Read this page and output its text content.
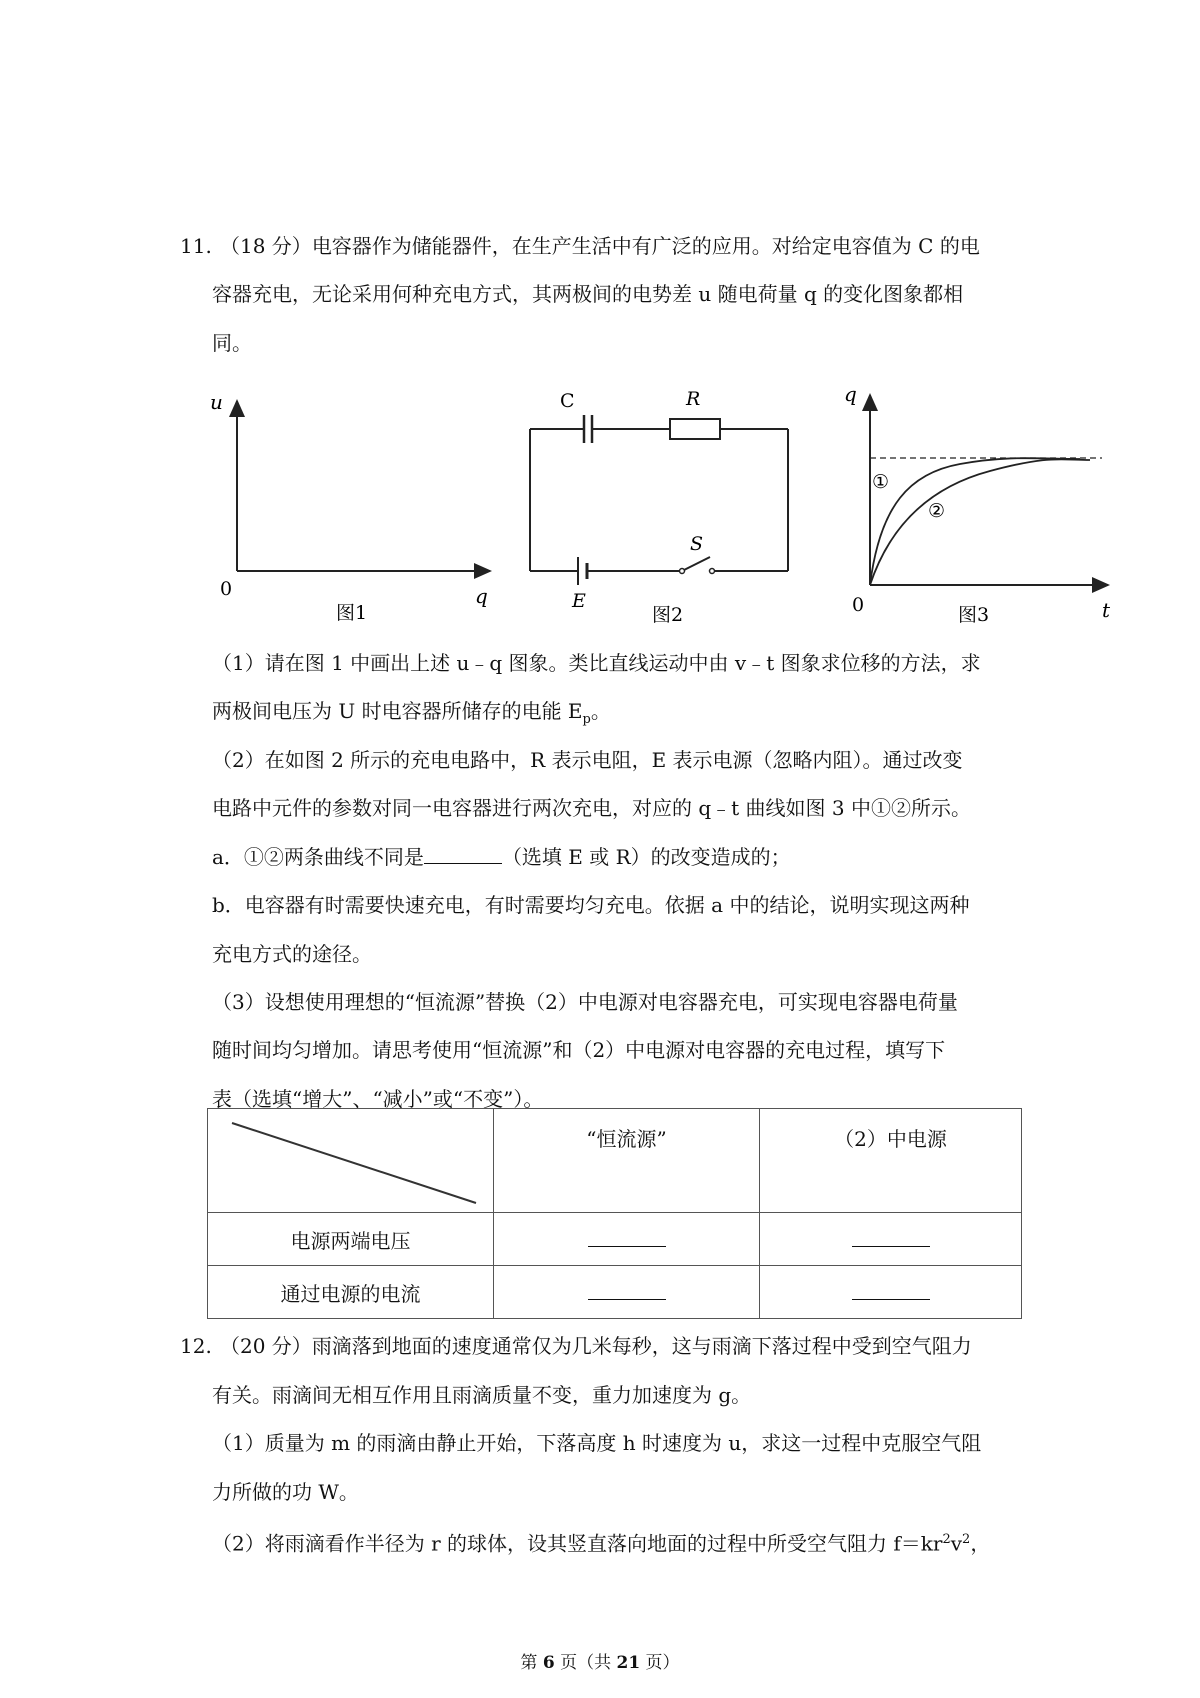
11. （18 分）电容器作为储能器件，在生产生活中有广泛的应用。对给定电容值为 C 的电
容器充电，无论采用何种充电方式，其两极间的电势差 u 随电荷量 q 的变化图象都相
同。
u
q
0
图1
C	R
E
S
图2
①
②
q
t
0	图3
（1）请在图 1 中画出上述 u﹣q 图象。类比直线运动中由 v﹣t 图象求位移的方法，求
两极间电压为 U 时电容器所储存的电能 $E_p$。
（2）在如图 2 所示的充电电路中，R 表示电阻，E 表示电源（忽略内阻）。通过改变
电路中元件的参数对同一电容器进行两次充电，对应的 q﹣t 曲线如图 3 中①②所示。
a．①②两条曲线不同是	（选填 E 或 R）的改变造成的；
b．电容器有时需要快速充电，有时需要均匀充电。依据 a 中的结论，说明实现这两种
充电方式的途径。
（3）设想使用理想的“恒流源”替换（2）中电源对电容器充电，可实现电容器电荷量
随时间均匀增加。请思考使用“恒流源”和（2）中电源对电容器的充电过程，填写下
表（选填“增大”、“减小”或“不变”）。
	“恒流源”	（2）中电源
电源两端电压		
通过电源的电流		
12. （20 分）雨滴落到地面的速度通常仅为几米每秒，这与雨滴下落过程中受到空气阻力
有关。雨滴间无相互作用且雨滴质量不变，重力加速度为 g。
（1）质量为 m 的雨滴由静止开始，下落高度 h 时速度为 u，求这一过程中克服空气阻
力所做的功 W。
（2）将雨滴看作半径为 r 的球体，设其竖直落向地面的过程中所受空气阻力 $f=kr^2v^2$，
第 6 页（共 21 页）
